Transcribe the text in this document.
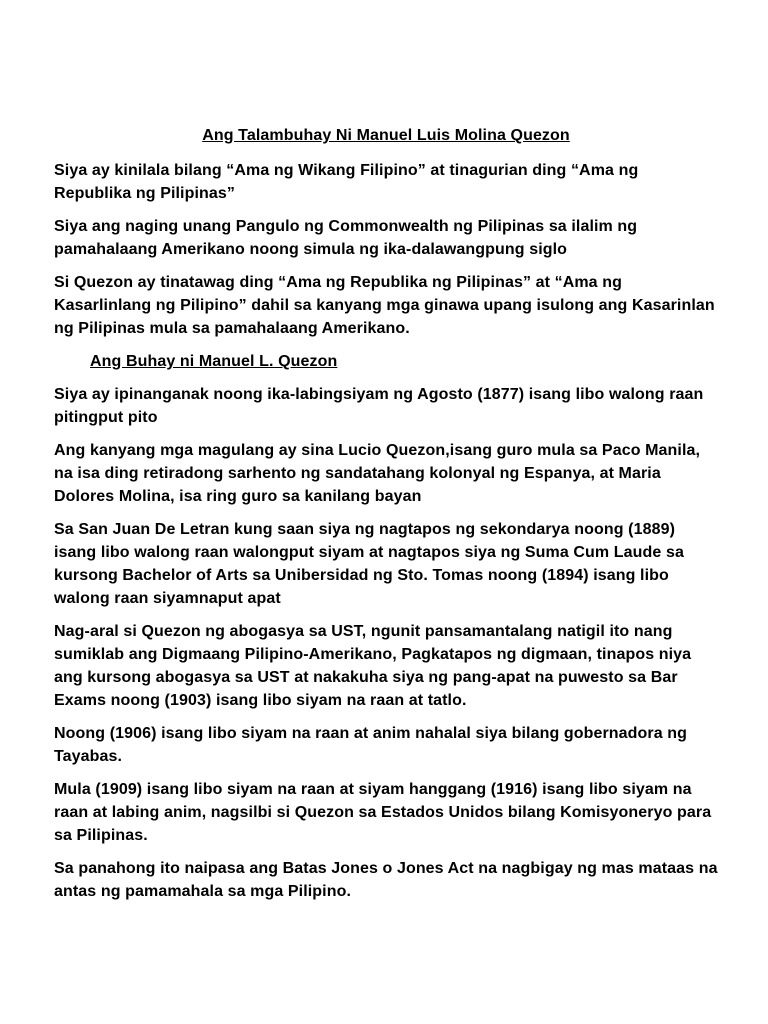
Ang Talambuhay Ni Manuel Luis Molina Quezon

Siya ay kinilala bilang “Ama ng Wikang Filipino” at tinagurian ding “Ama ng Republika ng Pilipinas”

Siya ang naging unang Pangulo ng Commonwealth ng Pilipinas sa ilalim ng pamahalaang Amerikano noong simula ng ika-dalawangpung siglo

Si Quezon ay tinatawag ding “Ama ng Republika ng Pilipinas” at “Ama ng Kasarlinlang ng Pilipino” dahil sa kanyang mga ginawa upang isulong ang Kasarinlan ng Pilipinas mula sa pamahalaang Amerikano.

Ang Buhay ni Manuel L. Quezon

Siya ay ipinanganak noong ika-labingsiyam ng Agosto (1877) isang libo walong raan pitingput pito

Ang kanyang mga magulang ay sina Lucio Quezon,isang guro mula sa Paco Manila, na isa ding retiradong sarhento ng sandatahang kolonyal ng Espanya, at Maria Dolores Molina, isa ring guro sa kanilang bayan

Sa San Juan De Letran kung saan siya ng nagtapos ng sekondarya noong (1889) isang libo walong raan walongput siyam at nagtapos siya ng Suma Cum Laude sa kursong Bachelor of Arts sa Unibersidad ng Sto. Tomas noong (1894) isang libo walong raan siyamnaput apat

Nag-aral si Quezon ng abogasya sa UST, ngunit pansamantalang natigil ito nang sumiklab ang Digmaang Pilipino-Amerikano, Pagkatapos ng digmaan, tinapos niya ang kursong abogasya sa UST at nakakuha siya ng pang-apat na puwesto sa Bar Exams noong (1903) isang libo siyam na raan at tatlo.

Noong (1906) isang libo siyam na raan at anim nahalal siya bilang gobernadora ng Tayabas.

Mula (1909) isang libo siyam na raan at siyam hanggang (1916) isang libo siyam na raan at labing anim, nagsilbi si Quezon sa Estados Unidos bilang Komisyoneryo para sa Pilipinas.

Sa panahong ito naipasa ang Batas Jones o Jones Act na nagbigay ng mas mataas na antas ng pamamahala sa mga Pilipino.
